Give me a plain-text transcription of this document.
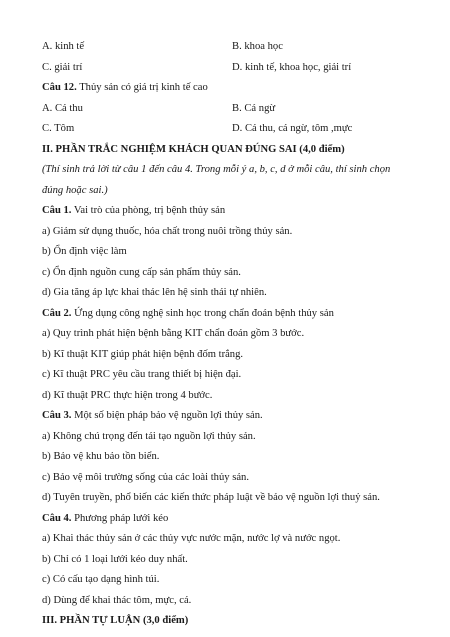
A. kinh tế	B. khoa học
C. giải trí	D. kinh tế, khoa học, giải trí
Câu 12. Thủy sản có giá trị kinh tế cao
A. Cá thu	B. Cá ngừ
C. Tôm	D. Cá thu, cá ngừ, tôm ,mực
II. PHẦN TRẮC NGHIỆM KHÁCH QUAN ĐÚNG SAI (4,0 điểm)
(Thí sinh trả lời từ câu 1 đến câu 4. Trong mỗi ý a, b, c, d ở mỗi câu, thí sinh chọn
đúng hoặc sai.)
Câu 1. Vai trò của phòng, trị bệnh thủy sản
a) Giảm sử dụng thuốc, hóa chất trong nuôi trồng thủy sản.
b) Ổn định việc làm
c) Ổn định nguồn cung cấp sản phẩm thủy sản.
d) Gia tăng áp lực khai thác lên hệ sinh thái tự nhiên.
Câu 2. Ứng dụng công nghệ sinh học trong chẩn đoán bệnh thủy sản
a) Quy trình phát hiện bệnh bằng KIT chẩn đoán gồm 3 bước.
b) Kĩ thuật KIT giúp phát hiện bệnh đốm trắng.
c) Kĩ thuật PRC yêu cầu trang thiết bị hiện đại.
d) Kĩ thuật PRC thực hiện trong 4 bước.
Câu 3. Một số biện pháp bảo vệ nguồn lợi thủy sản.
a) Không chú trọng đến tái tạo nguồn lợi thủy sản.
b) Bảo vệ khu bảo tồn biển.
c) Bảo vệ môi trường sống của các loài thủy sản.
d) Tuyên truyền, phổ biến các kiến thức pháp luật về bảo vệ nguồn lợi thuỷ sản.
Câu 4. Phương pháp lưới kéo
a) Khai thác thủy sản ở các thủy vực nước mặn, nước lợ và nước ngọt.
b) Chỉ có 1 loại lưới kéo duy nhất.
c) Có cấu tạo dạng hình túi.
d) Dùng để khai thác tôm, mực, cá.
III. PHẦN TỰ LUẬN (3,0 điểm)
